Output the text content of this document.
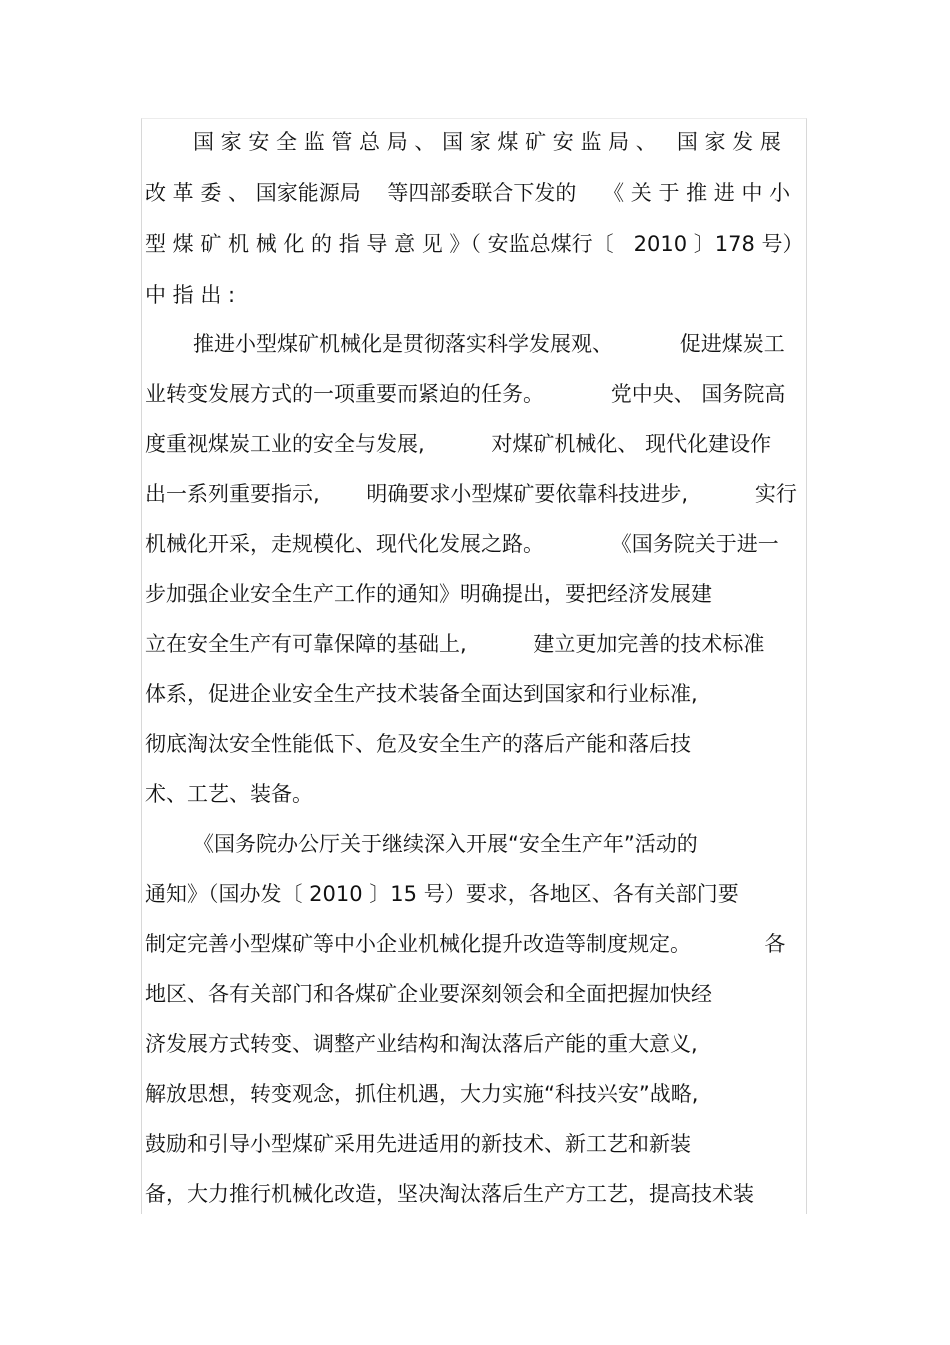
国 家 安 全 监 管 总 局 、 国 家 煤 矿 安 监 局 、   国 家 发 展
改 革 委 、 国家能源局    等四部委联合下发的    《 关 于 推 进 中 小
型 煤 矿 机 械 化 的 指 导 意 见 》（ 安监总煤行〔   2010 〕178 号）
中 指 出 :
推进小型煤矿机械化是贯彻落实科学发展观、          促进煤炭工
业转变发展方式的一项重要而紧迫的任务。          党中央、 国务院高
度重视煤炭工业的安全与发展,          对煤矿机械化、 现代化建设作
出一系列重要指示,       明确要求小型煤矿要依靠科技进步,          实行
机械化开采，走规模化、现代化发展之路。          《国务院关于进一
步加强企业安全生产工作的通知》明确提出，要把经济发展建
立在安全生产有可靠保障的基础上,          建立更加完善的技术标准
体系，促进企业安全生产技术装备全面达到国家和行业标准,
彻底淘汰安全性能低下、危及安全生产的落后产能和落后技
术、工艺、装备。
《国务院办公厅关于继续深入开展“安全生产年”活动的
通知》（国办发〔 2010 〕15 号）要求，各地区、各有关部门要
制定完善小型煤矿等中小企业机械化提升改造等制度规定。           各
地区、各有关部门和各煤矿企业要深刻领会和全面把握加快经
济发展方式转变、调整产业结构和淘汰落后产能的重大意义,
解放思想，转变观念，抓住机遇，大力实施“科技兴安”战略,
鼓励和引导小型煤矿采用先进适用的新技术、新工艺和新装
备，大力推行机械化改造，坚决淘汰落后生产方工艺，提高技术装
